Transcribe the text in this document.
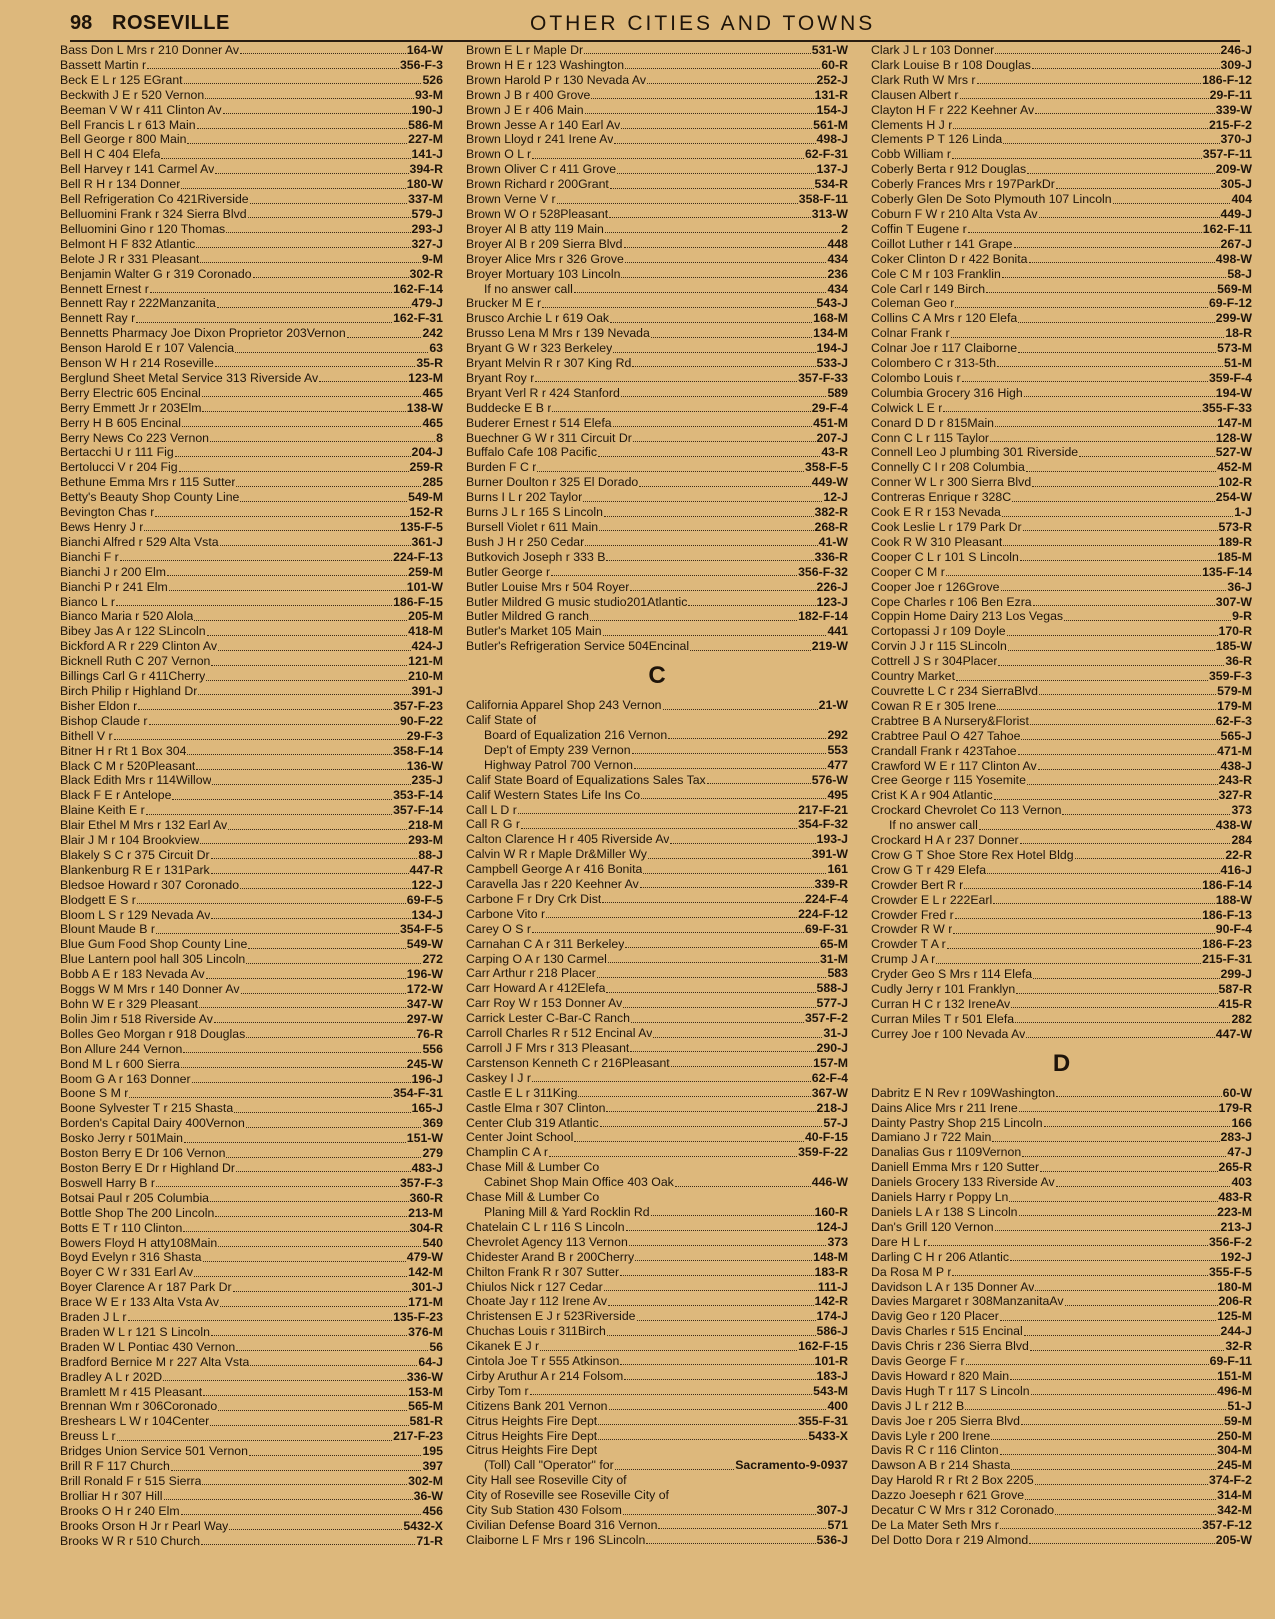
98 ROSEVILLE	OTHER CITIES AND TOWNS
Bass Don L Mrs r 210 Donner Av	164-W
Bassett Martin r	356-F-3
Beck E L r 125 EGrant	526
Beckwith J E r 520 Vernon	93-M
Beeman V W r 411 Clinton Av	190-J
Bell Francis L r 613 Main	586-M
Bell George r 800 Main	227-M
Bell H C 404 Elefa	141-J
Bell Harvey r 141 Carmel Av	394-R
Bell R H r 134 Donner	180-W
Bell Refrigeration Co 421Riverside	337-M
Belluomini Frank r 324 Sierra Blvd	579-J
Belluomini Gino r 120 Thomas	293-J
Belmont H F 832 Atlantic	327-J
Belote J R r 331 Pleasant	9-M
Benjamin Walter G r 319 Coronado	302-R
Bennett Ernest r	162-F-14
Bennett Ray r 222Manzanita	479-J
Bennett Ray r	162-F-31
Bennetts Pharmacy Joe Dixon Proprietor 203Vernon	242
Benson Harold E r 107 Valencia	63
Benson W H r 214 Roseville	35-R
Berglund Sheet Metal Service 313 Riverside Av	123-M
Berry Electric 605 Encinal	465
Berry Emmett Jr r 203Elm	138-W
Berry H B 605 Encinal	465
Berry News Co 223 Vernon	8
Bertacchi U r 111 Fig	204-J
Bertolucci V r 204 Fig	259-R
Bethune Emma Mrs r 115 Sutter	285
Betty's Beauty Shop County Line	549-M
Bevington Chas r	152-R
Bews Henry J r	135-F-5
Bianchi Alfred r 529 Alta Vsta	361-J
Bianchi F r	224-F-13
Bianchi J r 200 Elm	259-M
Bianchi P r 241 Elm	101-W
Bianco L r	186-F-15
Bianco Maria r 520 Alola	205-M
Bibey Jas A r 122 SLincoln	418-M
Bickford A R r 229 Clinton Av	424-J
Bicknell Ruth C 207 Vernon	121-M
Billings Carl G r 411Cherry	210-M
Birch Philip r Highland Dr	391-J
Bisher Eldon r	357-F-23
Bishop Claude r	90-F-22
Bithell V r	29-F-3
Bitner H r Rt 1 Box 304	358-F-14
Black C M r 520Pleasant	136-W
Black Edith Mrs r 114Willow	235-J
Black F E r Antelope	353-F-14
Blaine Keith E r	357-F-14
Blair Ethel M Mrs r 132 Earl Av	218-M
Blair J M r 104 Brookview	293-M
Blakely S C r 375 Circuit Dr	88-J
Blankenburg R E r 131Park	447-R
Bledsoe Howard r 307 Coronado	122-J
Blodgett E S r	69-F-5
Bloom L S r 129 Nevada Av	134-J
Blount Maude B r	354-F-5
Blue Gum Food Shop County Line	549-W
Blue Lantern pool hall 305 Lincoln	272
Bobb A E r 183 Nevada Av	196-W
Boggs W M Mrs r 140 Donner Av	172-W
Bohn W E r 329 Pleasant	347-W
Bolin Jim r 518 Riverside Av	297-W
Bolles Geo Morgan r 918 Douglas	76-R
Bon Allure 244 Vernon	556
Bond M L r 600 Sierra	245-W
Boom G A r 163 Donner	196-J
Boone S M r	354-F-31
Boone Sylvester T r 215 Shasta	165-J
Borden's Capital Dairy 400Vernon	369
Bosko Jerry r 501Main	151-W
Boston Berry E Dr 106 Vernon	279
Boston Berry E Dr r Highland Dr	483-J
Boswell Harry B r	357-F-3
Botsai Paul r 205 Columbia	360-R
Bottle Shop The 200 Lincoln	213-M
Botts E T r 110 Clinton	304-R
Bowers Floyd H atty108Main	540
Boyd Evelyn r 316 Shasta	479-W
Boyer C W r 331 Earl Av	142-M
Boyer Clarence A r 187 Park Dr	301-J
Brace W E r 133 Alta Vsta Av	171-M
Braden J L r	135-F-23
Braden W L r 121 S Lincoln	376-M
Braden W L Pontiac 430 Vernon	56
Bradford Bernice M r 227 Alta Vsta	64-J
Bradley A L r 202D	336-W
Bramlett M r 415 Pleasant	153-M
Brennan Wm r 306Coronado	565-M
Breshears L W r 104Center	581-R
Breuss L r	217-F-23
Bridges Union Service 501 Vernon	195
Brill R F 117 Church	397
Brill Ronald F r 515 Sierra	302-M
Brolliar H r 307 Hill	36-W
Brooks O H r 240 Elm	456
Brooks Orson H Jr r Pearl Way	5432-X
Brooks W R r 510 Church	71-R
Brown E L r Maple Dr	531-W
Brown H E r 123 Washington	60-R
Brown Harold P r 130 Nevada Av	252-J
Brown J B r 400 Grove	131-R
Brown J E r 406 Main	154-J
Brown Jesse A r 140 Earl Av	561-M
Brown Lloyd r 241 Irene Av	498-J
Brown O L r	62-F-31
Brown Oliver C r 411 Grove	137-J
Brown Richard r 200Grant	534-R
Brown Verne V r	358-F-11
Brown W O r 528Pleasant	313-W
Broyer Al B atty 119 Main	2
Broyer Al B r 209 Sierra Blvd	448
Broyer Alice Mrs r 326 Grove	434
Broyer Mortuary 103 Lincoln	236
If no answer call	434
Brucker M E r	543-J
Brusco Archie L r 619 Oak	168-M
Brusso Lena M Mrs r 139 Nevada	134-M
Bryant G W r 323 Berkeley	194-J
Bryant Melvin R r 307 King Rd	533-J
Bryant Roy r	357-F-33
Bryant Verl R r 424 Stanford	589
Buddecke E B r	29-F-4
Buderer Ernest r 514 Elefa	451-M
Buechner G W r 311 Circuit Dr	207-J
Buffalo Cafe 108 Pacific	43-R
Burden F C r	358-F-5
Burner Doulton r 325 El Dorado	449-W
Burns I L r 202 Taylor	12-J
Burns J L r 165 S Lincoln	382-R
Bursell Violet r 611 Main	268-R
Bush J H r 250 Cedar	41-W
Butkovich Joseph r 333 B	336-R
Butler George r	356-F-32
Butler Louise Mrs r 504 Royer	226-J
Butler Mildred G music studio201Atlantic	123-J
Butler Mildred G ranch	182-F-14
Butler's Market 105 Main	441
Butler's Refrigeration Service 504Encinal	219-W
C
California Apparel Shop 243 Vernon	21-W
Calif State of
Board of Equalization 216 Vernon	292
Dep't of Empty 239 Vernon	553
Highway Patrol 700 Vernon	477
Calif State Board of Equalizations Sales Tax	576-W
Calif Western States Life Ins Co	495
Call L D r	217-F-21
Call R G r	354-F-32
Calton Clarence H r 405 Riverside Av	193-J
Calvin W R r Maple Dr&Miller Wy	391-W
Campbell George A r 416 Bonita	161
Caravella Jas r 220 Keehner Av	339-R
Carbone F r Dry Crk Dist	224-F-4
Carbone Vito r	224-F-12
Carey O S r	69-F-31
Carnahan C A r 311 Berkeley	65-M
Carping O A r 130 Carmel	31-M
Carr Arthur r 218 Placer	583
Carr Howard A r 412Elefa	588-J
Carr Roy W r 153 Donner Av	577-J
Carrick Lester C-Bar-C Ranch	357-F-2
Carroll Charles R r 512 Encinal Av	31-J
Carroll J F Mrs r 313 Pleasant	290-J
Carstenson Kenneth C r 216Pleasant	157-M
Caskey I J r	62-F-4
Castle E L r 311King	367-W
Castle Elma r 307 Clinton	218-J
Center Club 319 Atlantic	57-J
Center Joint School	40-F-15
Champlin C A r	359-F-22
Chase Mill & Lumber Co
Cabinet Shop Main Office 403 Oak	446-W
Chase Mill & Lumber Co
Planing Mill & Yard Rocklin Rd	160-R
Chatelain C L r 116 S Lincoln	124-J
Chevrolet Agency 113 Vernon	373
Chidester Arand B r 200Cherry	148-M
Chilton Frank R r 307 Sutter	183-R
Chiulos Nick r 127 Cedar	111-J
Choate Jay r 112 Irene Av	142-R
Christensen E J r 523Riverside	174-J
Chuchas Louis r 311Birch	586-J
Cikanek E J r	162-F-15
Cintola Joe T r 555 Atkinson	101-R
Cirby Aruthur A r 214 Folsom	183-J
Cirby Tom r	543-M
Citizens Bank 201 Vernon	400
Citrus Heights Fire Dept	355-F-31
Citrus Heights Fire Dept	5433-X
Citrus Heights Fire Dept
(Toll) Call "Operator" for	Sacramento-9-0937
City Hall see Roseville City of
City of Roseville see Roseville City of
City Sub Station 430 Folsom	307-J
Civilian Defense Board 316 Vernon	571
Claiborne L F Mrs r 196 SLincoln	536-J
Clark J L r 103 Donner	246-J
Clark Louise B r 108 Douglas	309-J
Clark Ruth W Mrs r	186-F-12
Clausen Albert r	29-F-11
Clayton H F r 222 Keehner Av	339-W
Clements H J r	215-F-2
Clements P T 126 Linda	370-J
Cobb William r	357-F-11
Coberly Berta r 912 Douglas	209-W
Coberly Frances Mrs r 197ParkDr	305-J
Coberly Glen De Soto Plymouth 107 Lincoln	404
Coburn F W r 210 Alta Vsta Av	449-J
Coffin T Eugene r	162-F-11
Coillot Luther r 141 Grape	267-J
Coker Clinton D r 422 Bonita	498-W
Cole C M r 103 Franklin	58-J
Cole Carl r 149 Birch	569-M
Coleman Geo r	69-F-12
Collins C A Mrs r 120 Elefa	299-W
Colnar Frank r	18-R
Colnar Joe r 117 Claiborne	573-M
Colombero C r 313-5th	51-M
Colombo Louis r	359-F-4
Columbia Grocery 316 High	194-W
Colwick L E r	355-F-33
Conard D D r 815Main	147-M
Conn C L r 115 Taylor	128-W
Connell Leo J plumbing 301 Riverside	527-W
Connelly C I r 208 Columbia	452-M
Conner W L r 300 Sierra Blvd	102-R
Contreras Enrique r 328C	254-W
Cook E R r 153 Nevada	1-J
Cook Leslie L r 179 Park Dr	573-R
Cook R W 310 Pleasant	189-R
Cooper C L r 101 S Lincoln	185-M
Cooper C M r	135-F-14
Cooper Joe r 126Grove	36-J
Cope Charles r 106 Ben Ezra	307-W
Coppin Home Dairy 213 Los Vegas	9-R
Cortopassi J r 109 Doyle	170-R
Corvin J J r 115 SLincoln	185-W
Cottrell J S r 304Placer	36-R
Country Market	359-F-3
Couvrette L C r 234 SierraBlvd	579-M
Cowan R E r 305 Irene	179-M
Crabtree B A Nursery&Florist	62-F-3
Crabtree Paul O 427 Tahoe	565-J
Crandall Frank r 423Tahoe	471-M
Crawford W E r 117 Clinton Av	438-J
Cree George r 115 Yosemite	243-R
Crist K A r 904 Atlantic	327-R
Crockard Chevrolet Co 113 Vernon	373
If no answer call	438-W
Crockard H A r 237 Donner	284
Crow G T Shoe Store Rex Hotel Bldg	22-R
Crow G T r 429 Elefa	416-J
Crowder Bert R r	186-F-14
Crowder E L r 222Earl	188-W
Crowder Fred r	186-F-13
Crowder R W r	90-F-4
Crowder T A r	186-F-23
Crump J A r	215-F-31
Cryder Geo S Mrs r 114 Elefa	299-J
Cudly Jerry r 101 Franklyn	587-R
Curran H C r 132 IreneAv	415-R
Curran Miles T r 501 Elefa	282
Currey Joe r 100 Nevada Av	447-W
D
Dabritz E N Rev r 109Washington	60-W
Dains Alice Mrs r 211 Irene	179-R
Dainty Pastry Shop 215 Lincoln	166
Damiano J r 722 Main	283-J
Danalias Gus r 1109Vernon	47-J
Daniell Emma Mrs r 120 Sutter	265-R
Daniels Grocery 133 Riverside Av	403
Daniels Harry r Poppy Ln	483-R
Daniels L A r 138 S Lincoln	223-M
Dan's Grill 120 Vernon	213-J
Dare H L r	356-F-2
Darling C H r 206 Atlantic	192-J
Da Rosa M P r	355-F-5
Davidson L A r 135 Donner Av	180-M
Davies Margaret r 308ManzanitaAv	206-R
Davig Geo r 120 Placer	125-M
Davis Charles r 515 Encinal	244-J
Davis Chris r 236 Sierra Blvd	32-R
Davis George F r	69-F-11
Davis Howard r 820 Main	151-M
Davis Hugh T r 117 S Lincoln	496-M
Davis J L r 212 B	51-J
Davis Joe r 205 Sierra Blvd	59-M
Davis Lyle r 200 Irene	250-M
Davis R C r 116 Clinton	304-M
Dawson A B r 214 Shasta	245-M
Day Harold R r Rt 2 Box 2205	374-F-2
Dazzo Joeseph r 621 Grove	314-M
Decatur C W Mrs r 312 Coronado	342-M
De La Mater Seth Mrs r	357-F-12
Del Dotto Dora r 219 Almond	205-W
